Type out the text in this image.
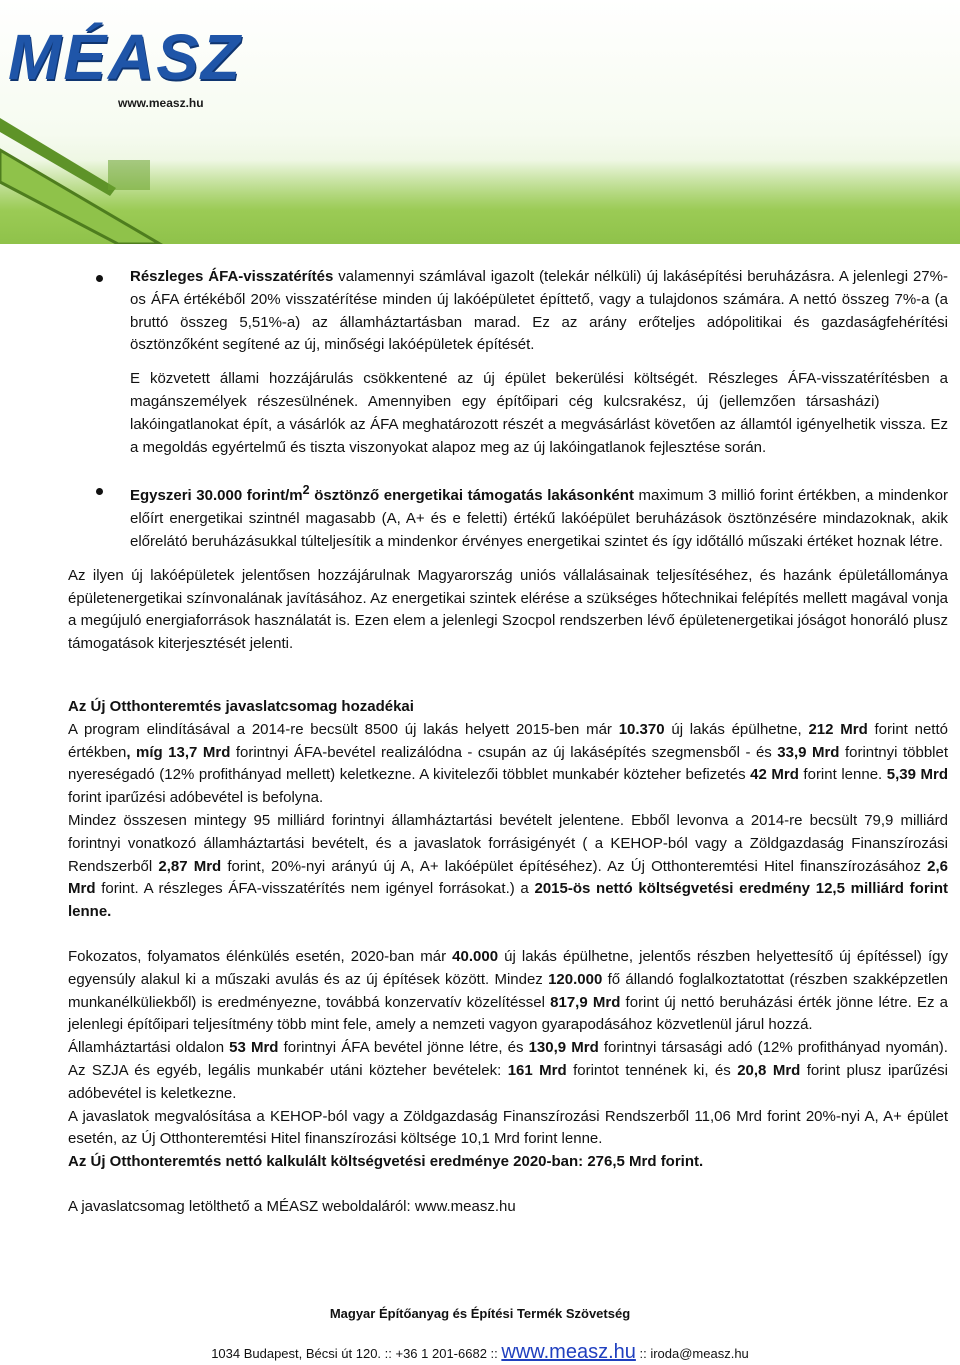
MÉASZ
www.measz.hu

Részleges ÁFA-visszatérítés valamennyi számlával igazolt (telekár nélküli) új lakásépítési beruházásra. A jelenlegi 27%-os ÁFA értékéből 20% visszatérítése minden új lakóépületet építtető, vagy a tulajdonos számára. A nettó összeg 7%-a (a bruttó összeg 5,51%-a) az államháztartásban marad. Ez az arány erőteljes adópolitikai és gazdaságfehérítési ösztönzőként segítené az új, minőségi lakóépületek építését.

E közvetett állami hozzájárulás csökkentené az új épület bekerülési költségét. Részleges ÁFA-visszatérítésben a magánszemélyek részesülnének. Amennyiben egy építőipari cég kulcsrakész, új (jellemzően társasházi) lakóingatlanokat épít, a vásárlók az ÁFA meghatározott részét a megvásárlást követően az államtól igényelhetik vissza. Ez a megoldás egyértelmű és tiszta viszonyokat alapoz meg az új lakóingatlanok fejlesztése során.

Egyszeri 30.000 forint/$m^2$ ösztönző energetikai támogatás lakásonként maximum 3 millió forint értékben, a mindenkor előírt energetikai szintnél magasabb (A, A+ és e feletti) értékű lakóépület beruházások ösztönzésére mindazoknak, akik előrelátó beruházásukkal túlteljesítik a mindenkor érvényes energetikai szintet és így időtálló műszaki értéket hoznak létre.

Az ilyen új lakóépületek jelentősen hozzájárulnak Magyarország uniós vállalásainak teljesítéséhez, és hazánk épületállománya épületenergetikai színvonalának javításához. Az energetikai szintek elérése a szükséges hőtechnikai felépítés mellett magával vonja a megújuló energiaforrások használatát is. Ezen elem a jelenlegi Szocpol rendszerben lévő épületenergetikai jóságot honoráló plusz támogatások kiterjesztését jelenti.

Az Új Otthonteremtés javaslatcsomag hozadékai

A program elindításával a 2014-re becsült 8500 új lakás helyett 2015-ben már 10.370 új lakás épülhetne, 212 Mrd forint nettó értékben, míg 13,7 Mrd forintnyi ÁFA-bevétel realizálódna - csupán az új lakásépítés szegmensből - és 33,9 Mrd forintnyi többlet nyereségadó (12% profithányad mellett) keletkezne. A kivitelezői többlet munkabér közteher befizetés 42 Mrd forint lenne. 5,39 Mrd forint iparűzési adóbevétel is befolyna.

Mindez összesen mintegy 95 milliárd forintnyi államháztartási bevételt jelentene. Ebből levonva a 2014-re becsült 79,9 milliárd forintnyi vonatkozó államháztartási bevételt, és a javaslatok forrásigényét ( a KEHOP-ból vagy a Zöldgazdaság Finanszírozási Rendszerből 2,87 Mrd forint, 20%-nyi arányú új A, A+ lakóépület építéséhez). Az Új Otthonteremtési Hitel finanszírozásához 2,6 Mrd forint. A részleges ÁFA-visszatérítés nem igényel forrásokat.) a 2015-ös nettó költségvetési eredmény 12,5 milliárd forint lenne.

Fokozatos, folyamatos élénkülés esetén, 2020-ban már 40.000 új lakás épülhetne, jelentős részben helyettesítő új építéssel) így egyensúly alakul ki a műszaki avulás és az új építések között. Mindez 120.000 fő állandó foglalkoztatottat (részben szakképzetlen munkanélküliekből) is eredményezne, továbbá konzervatív közelítéssel 817,9 Mrd forint új nettó beruházási érték jönne létre. Ez a jelenlegi építőipari teljesítmény több mint fele, amely a nemzeti vagyon gyarapodásához közvetlenül járul hozzá.

Államháztartási oldalon 53 Mrd forintnyi ÁFA bevétel jönne létre, és 130,9 Mrd forintnyi társasági adó (12% profithányad nyomán). Az SZJA és egyéb, legális munkabér utáni közteher bevételek: 161 Mrd forintot tennének ki, és 20,8 Mrd forint plusz iparűzési adóbevétel is keletkezne.

A javaslatok megvalósítása a KEHOP-ból vagy a Zöldgazdaság Finanszírozási Rendszerből 11,06 Mrd forint 20%-nyi A, A+ épület esetén, az Új Otthonteremtési Hitel finanszírozási költsége 10,1 Mrd forint lenne.

Az Új Otthonteremtés nettó kalkulált költségvetési eredménye 2020-ban: 276,5 Mrd forint.

A javaslatcsomag letölthető a MÉASZ weboldaláról: www.measz.hu

Magyar Építőanyag és Építési Termék Szövetség
1034 Budapest, Bécsi út 120. :: +36 1 201-6682 :: www.measz.hu :: iroda@measz.hu
